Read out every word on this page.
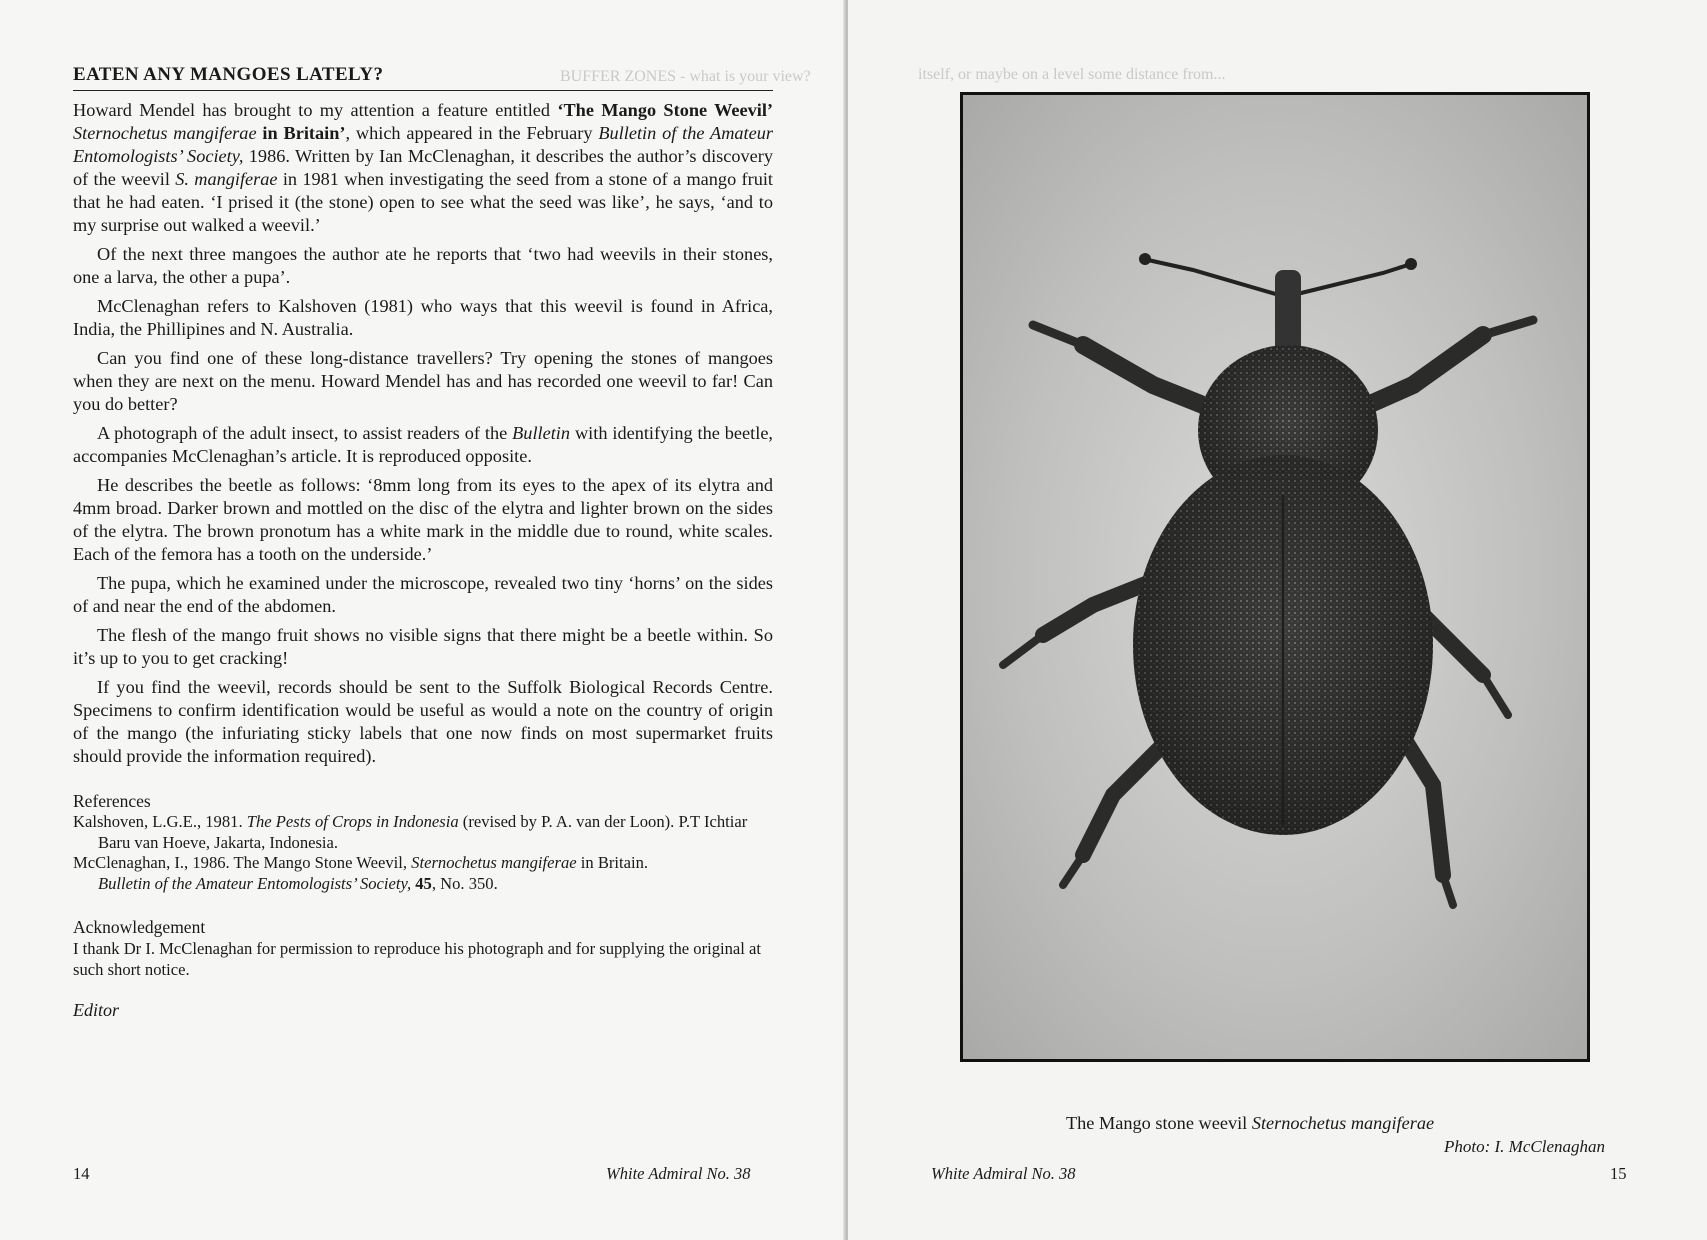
BUFFER ZONES - what is your view?
EATEN ANY MANGOES LATELY?

Howard Mendel has brought to my attention a feature entitled ‘The Mango Stone Weevil’ Sternochetus mangiferae in Britain’, which appeared in the February Bulletin of the Amateur Entomologists’ Society, 1986. Written by Ian McClenaghan, it describes the author’s discovery of the weevil S. mangiferae in 1981 when investigating the seed from a stone of a mango fruit that he had eaten. ‘I prised it (the stone) open to see what the seed was like’, he says, ‘and to my surprise out walked a weevil.’

Of the next three mangoes the author ate he reports that ‘two had weevils in their stones, one a larva, the other a pupa’.

McClenaghan refers to Kalshoven (1981) who ways that this weevil is found in Africa, India, the Phillipines and N. Australia.

Can you find one of these long-distance travellers? Try opening the stones of mangoes when they are next on the menu. Howard Mendel has and has recorded one weevil to far! Can you do better?

A photograph of the adult insect, to assist readers of the Bulletin with identifying the beetle, accompanies McClenaghan’s article. It is reproduced opposite.

He describes the beetle as follows: ‘8mm long from its eyes to the apex of its elytra and 4mm broad. Darker brown and mottled on the disc of the elytra and lighter brown on the sides of the elytra. The brown pronotum has a white mark in the middle due to round, white scales. Each of the femora has a tooth on the underside.’

The pupa, which he examined under the microscope, revealed two tiny ‘horns’ on the sides of and near the end of the abdomen.

The flesh of the mango fruit shows no visible signs that there might be a beetle within. So it’s up to you to get cracking!

If you find the weevil, records should be sent to the Suffolk Biological Records Centre. Specimens to confirm identification would be useful as would a note on the country of origin of the mango (the infuriating sticky labels that one now finds on most supermarket fruits should provide the information required).

References
Kalshoven, L.G.E., 1981. The Pests of Crops in Indonesia (revised by P. A. van der Loon). P.T Ichtiar Baru van Hoeve, Jakarta, Indonesia.
McClenaghan, I., 1986. The Mango Stone Weevil, Sternochetus mangiferae in Britain.
Bulletin of the Amateur Entomologists’ Society, 45, No. 350.
Acknowledgement
I thank Dr I. McClenaghan for permission to reproduce his photograph and for supplying the original at such short notice.
Editor
14	White Admiral No. 38
itself, or maybe on a level some distance from...
The Mango stone weevil Sternochetus mangiferae
Photo: I. McClenaghan
White Admiral No. 38	15
